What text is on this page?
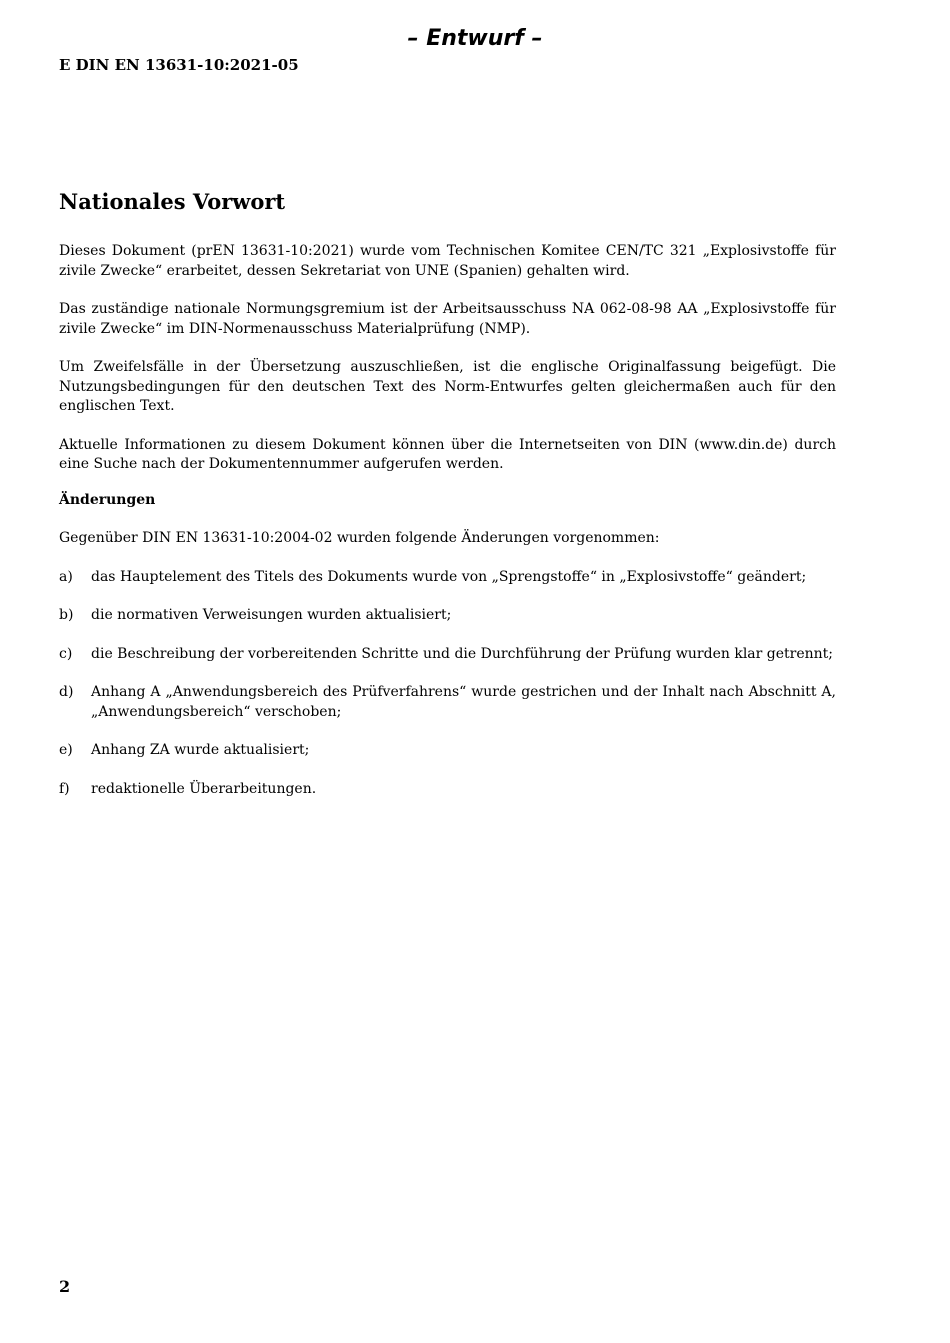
– Entwurf –
E DIN EN 13631-10:2021-05
Nationales Vorwort

Dieses Dokument (prEN 13631-10:2021) wurde vom Technischen Komitee CEN/TC 321 „Explosivstoffe für zivile Zwecke“ erarbeitet, dessen Sekretariat von UNE (Spanien) gehalten wird.

Das zuständige nationale Normungsgremium ist der Arbeitsausschuss NA 062-08-98 AA „Explosivstoffe für zivile Zwecke“ im DIN-Normenausschuss Materialprüfung (NMP).

Um Zweifelsfälle in der Übersetzung auszuschließen, ist die englische Originalfassung beigefügt. Die Nutzungsbedingungen für den deutschen Text des Norm-Entwurfes gelten gleichermaßen auch für den englischen Text.

Aktuelle Informationen zu diesem Dokument können über die Internetseiten von DIN (www.din.de) durch eine Suche nach der Dokumentennummer aufgerufen werden.

Änderungen

Gegenüber DIN EN 13631-10:2004-02 wurden folgende Änderungen vorgenommen:

a)	das Hauptelement des Titels des Dokuments wurde von „Sprengstoffe“ in „Explosivstoffe“ geändert;
b)	die normativen Verweisungen wurden aktualisiert;
c)	die Beschreibung der vorbereitenden Schritte und die Durchführung der Prüfung wurden klar getrennt;
d)	Anhang A „Anwendungsbereich des Prüfverfahrens“ wurde gestrichen und der Inhalt nach Abschnitt A, „Anwendungsbereich“ verschoben;
e)	Anhang ZA wurde aktualisiert;
f)	redaktionelle Überarbeitungen.
2
